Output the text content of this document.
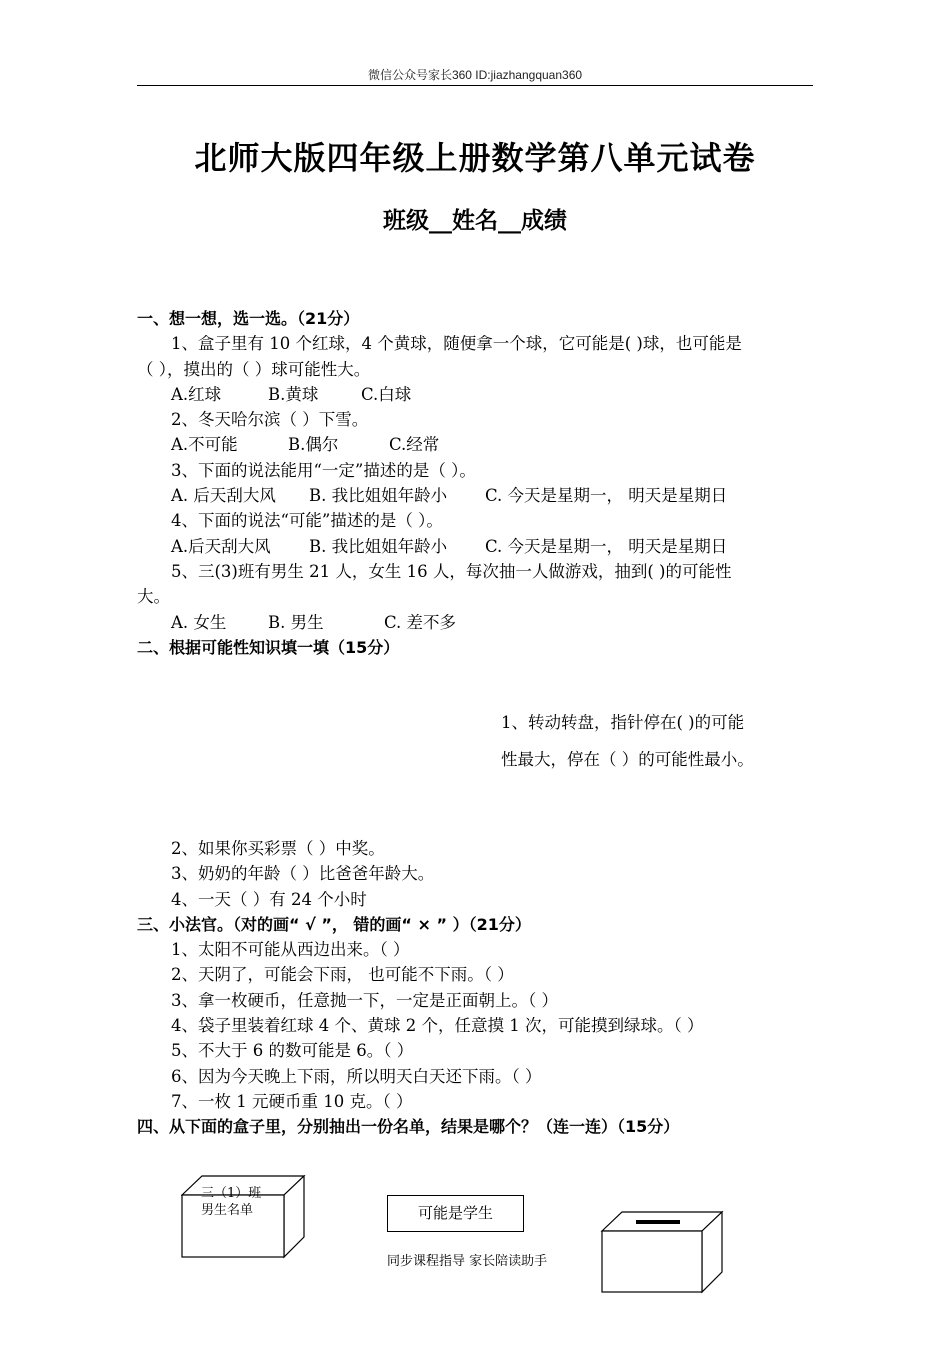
微信公众号家长360 ID:jiazhangquan360
北师大版四年级上册数学第八单元试卷
班级__姓名__成绩
一、想一想，选一选。（21分）
1、盒子里有 10 个红球，4 个黄球，随便拿一个球，它可能是( )球，也可能是
（ ），摸出的（ ）球可能性大。
A.红球	B.黄球	C.白球
2、冬天哈尔滨（ ）下雪。
A.不可能	B.偶尔	C.经常
3、下面的说法能用“一定”描述的是（ ）。
A. 后天刮大风 B. 我比姐姐年龄小 C. 今天是星期一， 明天是星期日
4、下面的说法“可能”描述的是（ ）。
A.后天刮大风 B. 我比姐姐年龄小 C. 今天是星期一， 明天是星期日
5、三(3)班有男生 21 人，女生 16 人，每次抽一人做游戏，抽到( )的可能性
大。
A. 女生	B. 男生	C. 差不多
二、根据可能性知识填一填（15分）
1、转动转盘，指针停在( )的可能
性最大，停在（ ）的可能性最小。
2、如果你买彩票（ ）中奖。
3、奶奶的年龄（ ）比爸爸年龄大。
4、一天（ ）有 24 个小时
三、小法官。（对的画“ √ ”， 错的画“ × ” ）（21分）
1、太阳不可能从西边出来。（ ）
2、天阴了，可能会下雨， 也可能不下雨。（ ）
3、拿一枚硬币，任意抛一下，一定是正面朝上。（ ）
4、袋子里装着红球 4 个、黄球 2 个，任意摸 1 次，可能摸到绿球。（ ）
5、不大于 6 的数可能是 6。（ ）
6、因为今天晚上下雨，所以明天白天还下雨。（ ）
7、一枚 1 元硬币重 10 克。（ ）
四、从下面的盒子里，分别抽出一份名单，结果是哪个？（连一连）（15分）
三（1）班
男生名单	可能是学生
同步课程指导 家长陪读助手
